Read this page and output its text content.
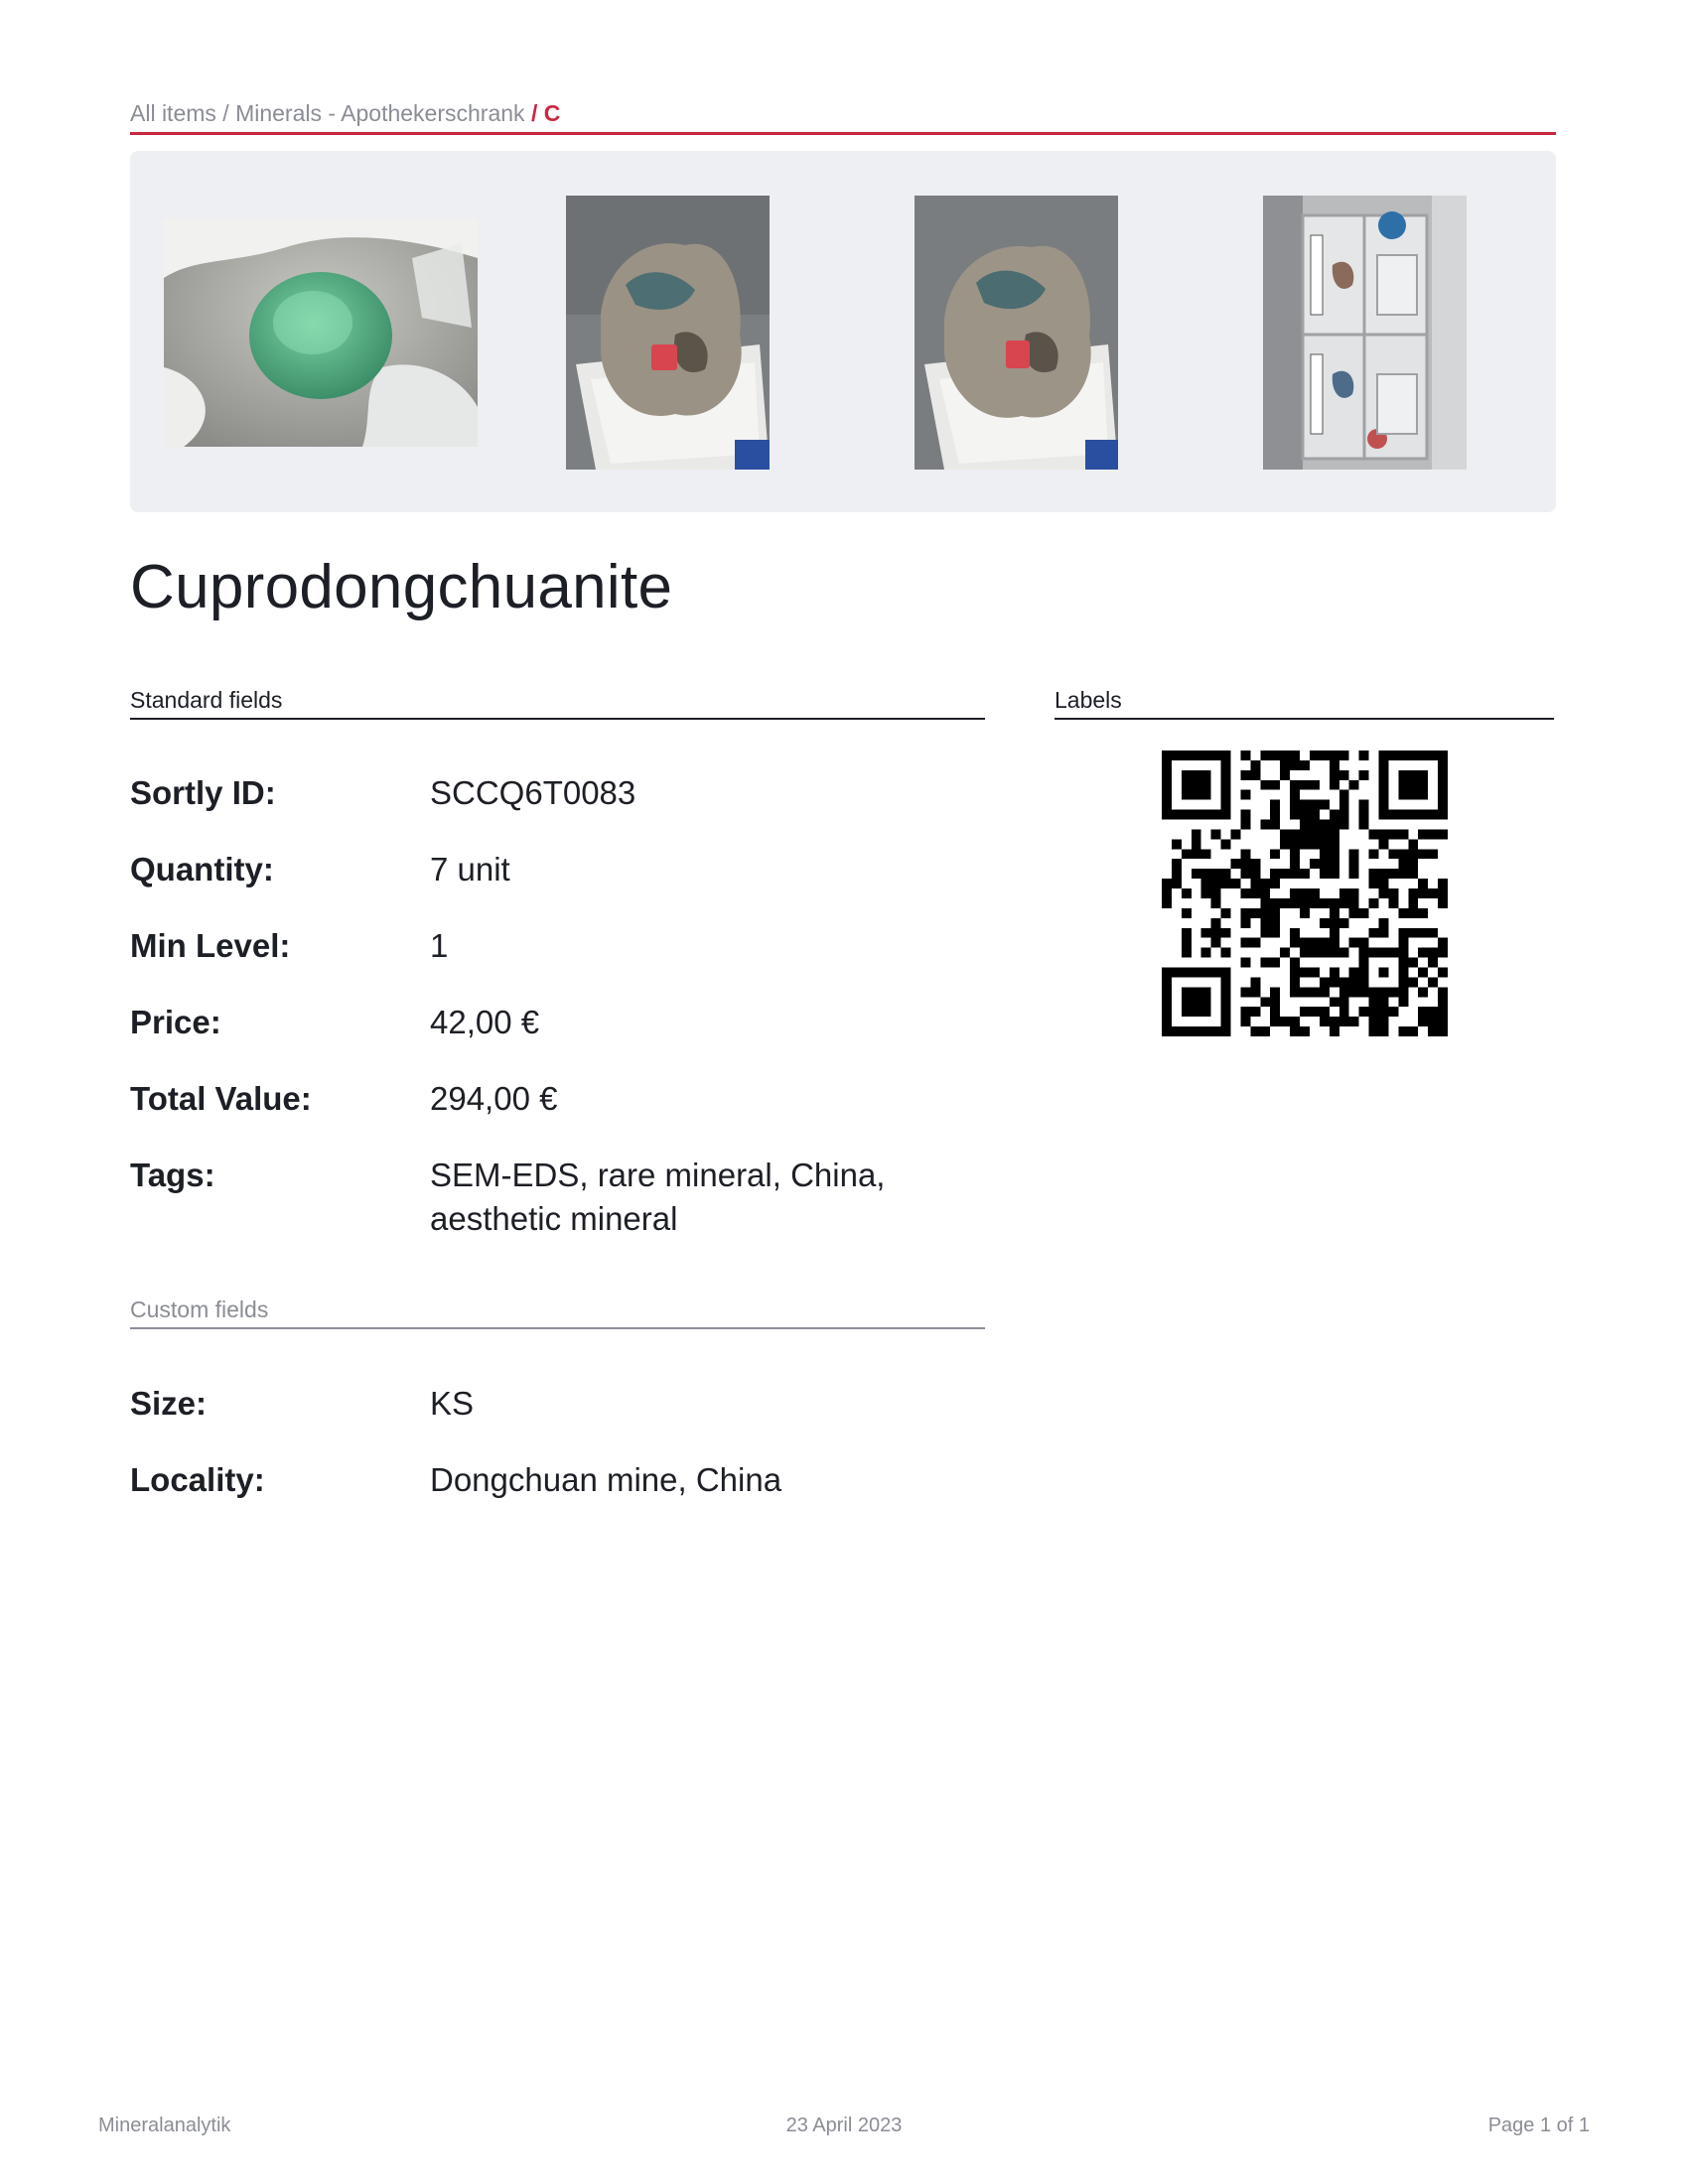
All items / Minerals - Apothekerschrank / C
Cuprodongchuanite
Standard fields	Labels
Sortly ID:	SCCQ6T0083
Quantity:	7 unit
Min Level:	1
Price:	42,00 €
Total Value:	294,00 €
Tags:	SEM-EDS, rare mineral, China, aesthetic mineral
Custom fields
Size:	KS
Locality:	Dongchuan mine, China
Mineralanalytik	23 April 2023	Page 1 of 1
